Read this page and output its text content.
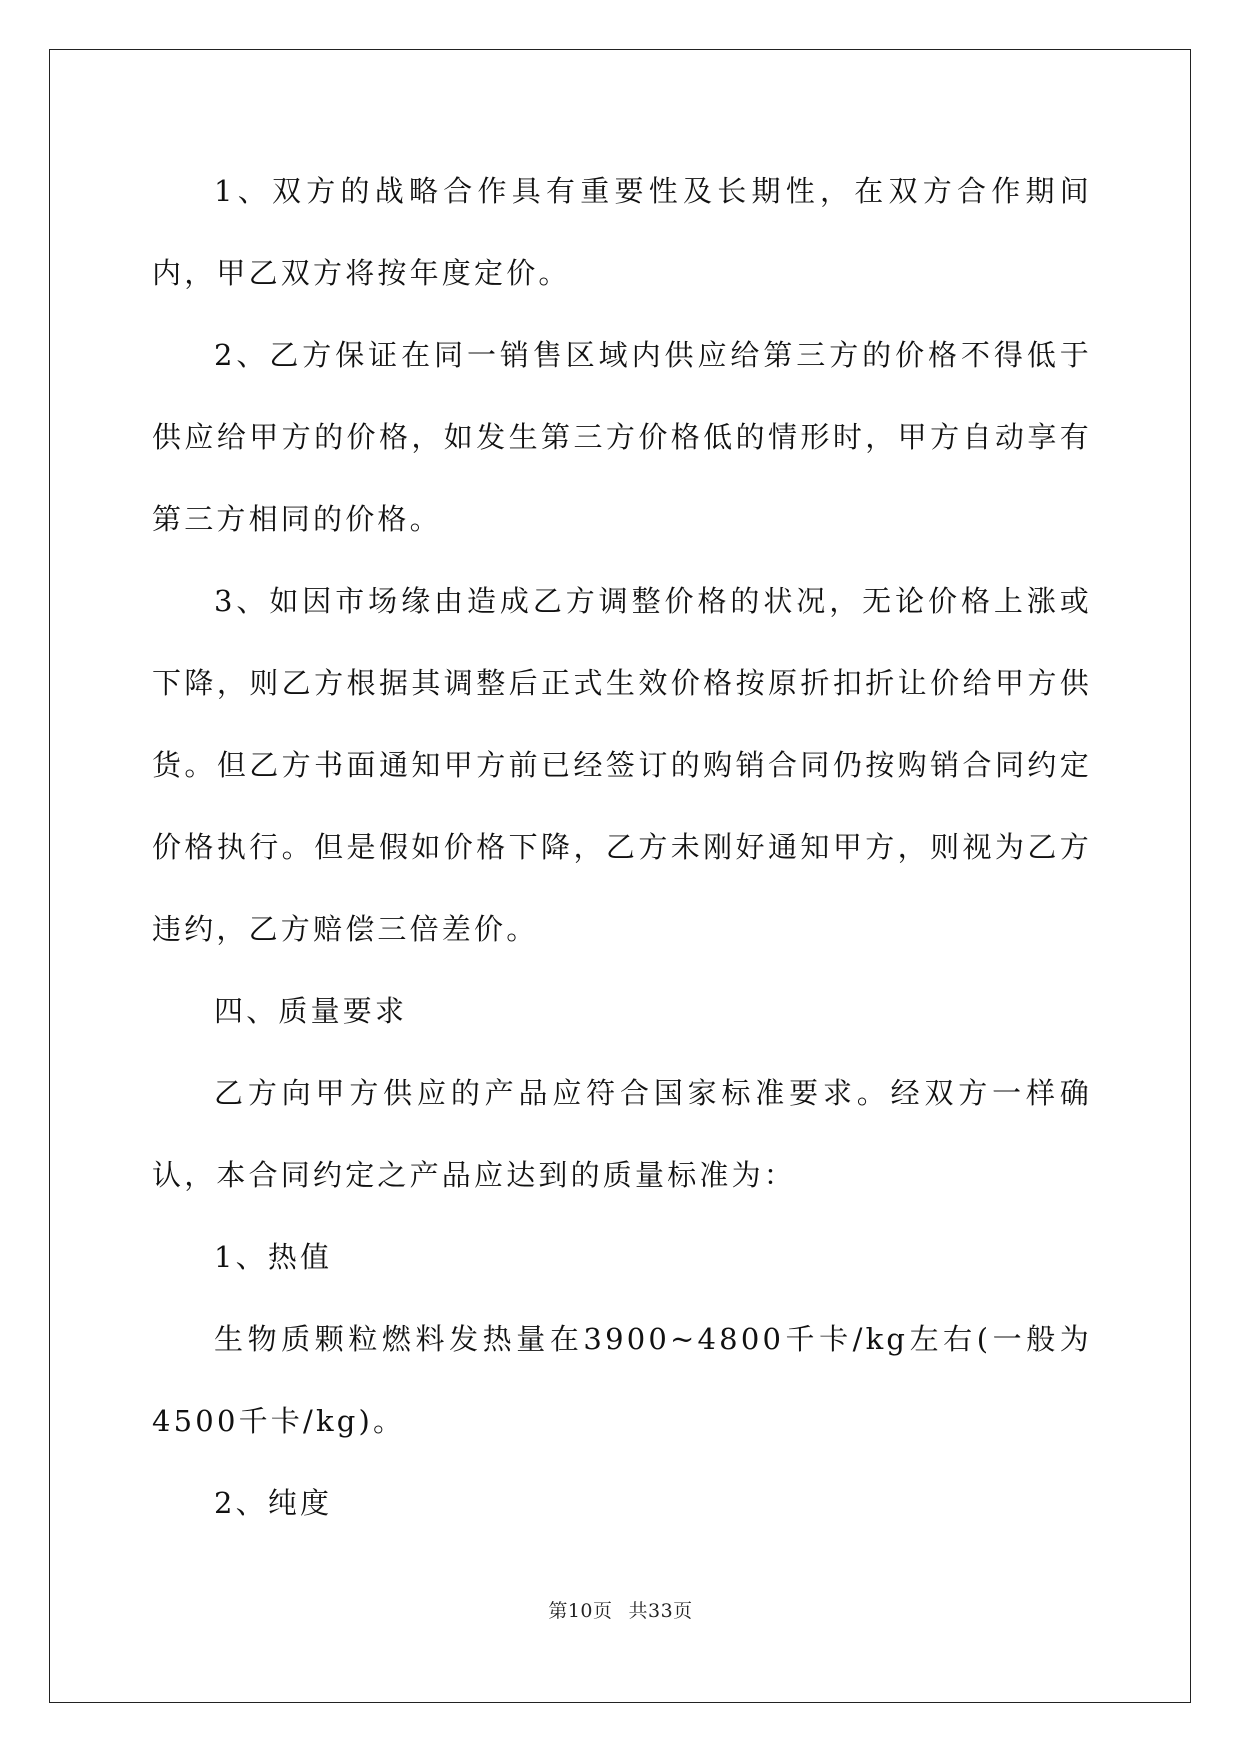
1、双方的战略合作具有重要性及长期性，在双方合作期间内，甲乙双方将按年度定价。

2、乙方保证在同一销售区域内供应给第三方的价格不得低于供应给甲方的价格，如发生第三方价格低的情形时，甲方自动享有第三方相同的价格。

3、如因市场缘由造成乙方调整价格的状况，无论价格上涨或下降，则乙方根据其调整后正式生效价格按原折扣折让价给甲方供货。但乙方书面通知甲方前已经签订的购销合同仍按购销合同约定价格执行。但是假如价格下降，乙方未刚好通知甲方，则视为乙方违约，乙方赔偿三倍差价。

四、质量要求

乙方向甲方供应的产品应符合国家标准要求。经双方一样确认，本合同约定之产品应达到的质量标准为：

1、热值

生物质颗粒燃料发热量在3900~4800千卡/kg左右(一般为4500千卡/kg)。

2、纯度

第10页 共33页
